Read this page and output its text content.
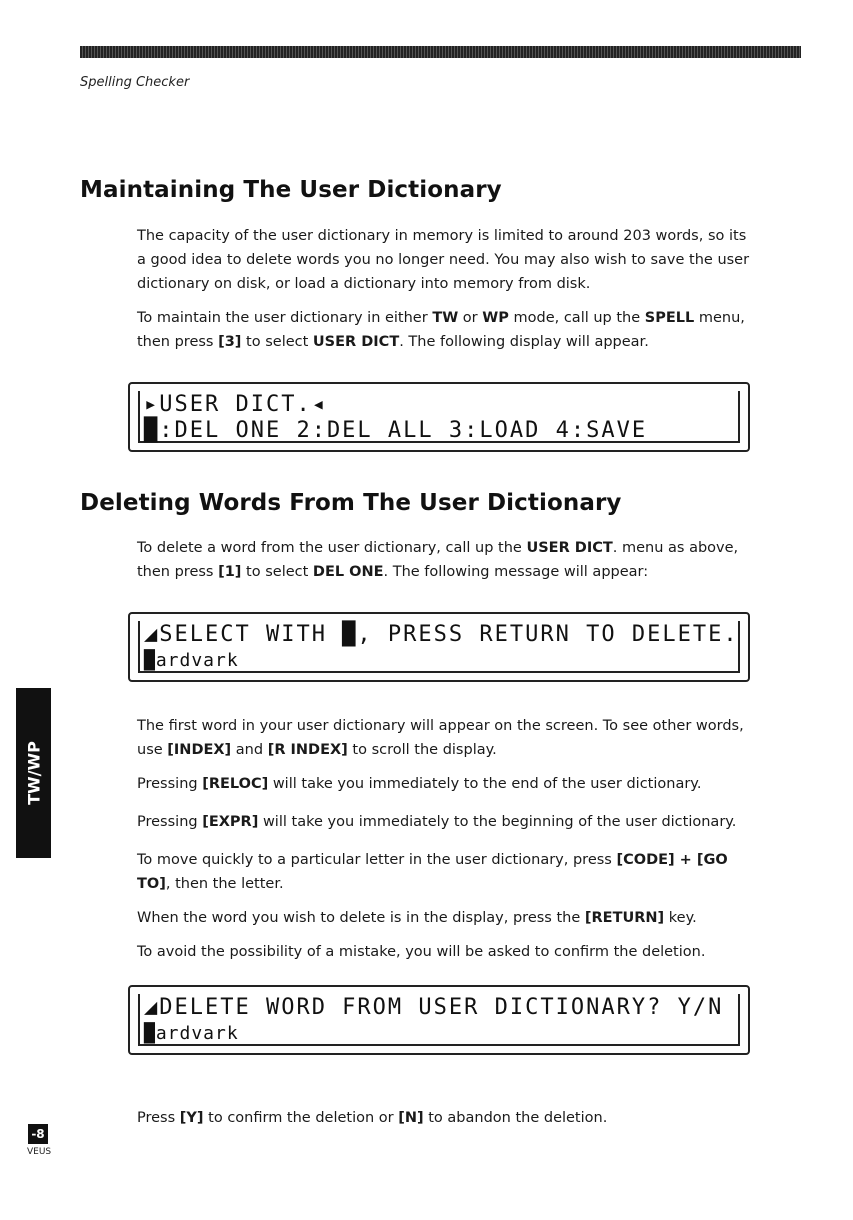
Spelling Checker
Maintaining The User Dictionary

The capacity of the user dictionary in memory is limited to around 203 words, so its a good idea to delete words you no longer need. You may also wish to save the user dictionary on disk, or load a dictionary into memory from disk.

To maintain the user dictionary in either TW or WP mode, call up the SPELL menu, then press [3] to select USER DICT. The following display will appear.

▸USER DICT.◂
█:DEL ONE 2:DEL ALL 3:LOAD 4:SAVE
Deleting Words From The User Dictionary

To delete a word from the user dictionary, call up the USER DICT. menu as above, then press [1] to select DEL ONE. The following message will appear:

◢SELECT WITH █, PRESS RETURN TO DELETE.
█ardvark

The first word in your user dictionary will appear on the screen. To see other words, use [INDEX] and [R INDEX] to scroll the display.

Pressing [RELOC] will take you immediately to the end of the user dictionary.

Pressing [EXPR] will take you immediately to the beginning of the user dictionary.

To move quickly to a particular letter in the user dictionary, press [CODE] + [GO TO], then the letter.

When the word you wish to delete is in the display, press the [RETURN] key.

To avoid the possibility of a mistake, you will be asked to confirm the deletion.

◢DELETE WORD FROM USER DICTIONARY? Y/N
█ardvark

Press [Y] to confirm the deletion or [N] to abandon the deletion.

TW/WP
-8
VEUS
